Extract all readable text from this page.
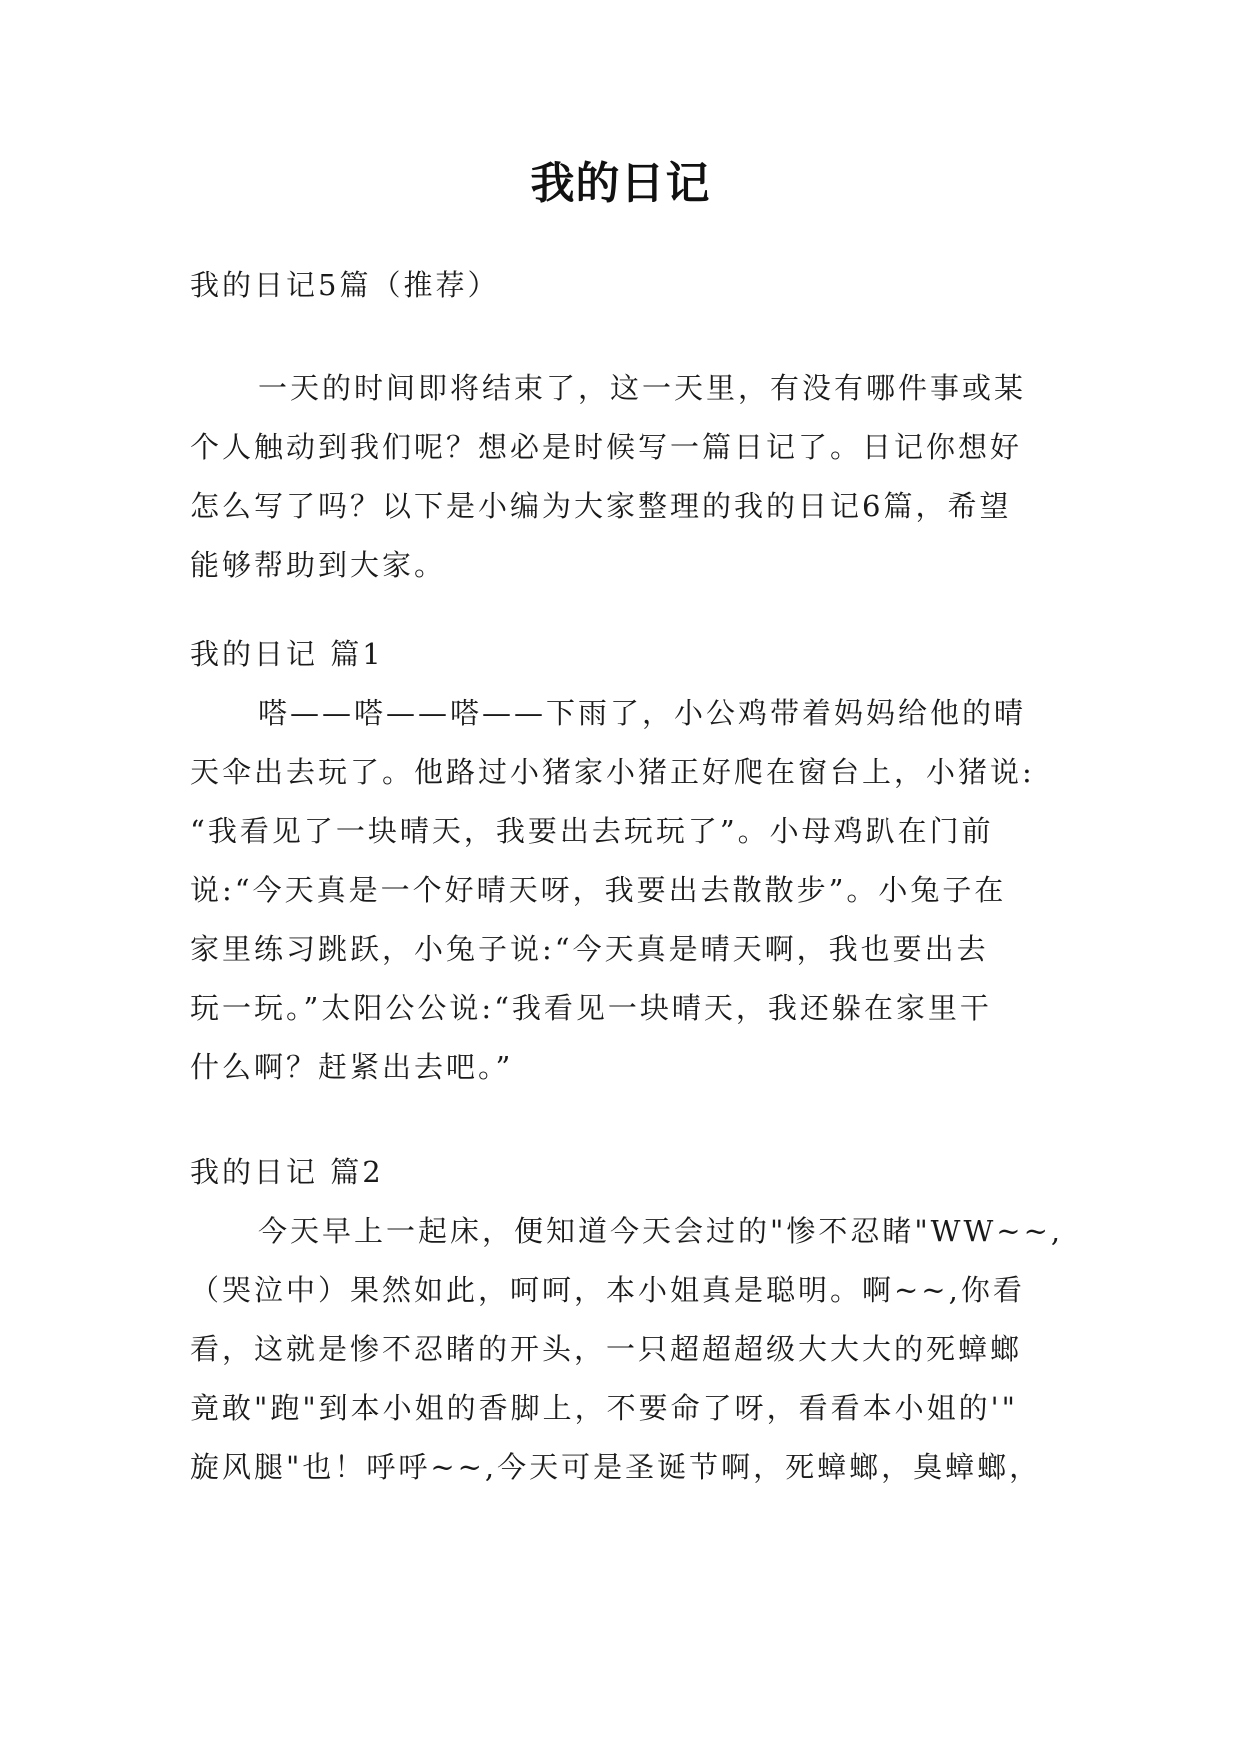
我的日记

我的日记5篇（推荐）

一天的时间即将结束了，这一天里，有没有哪件事或某
个人触动到我们呢？想必是时候写一篇日记了。日记你想好
怎么写了吗？以下是小编为大家整理的我的日记6篇，希望
能够帮助到大家。

我的日记 篇1
嗒——嗒——嗒——下雨了，小公鸡带着妈妈给他的晴
天伞出去玩了。他路过小猪家小猪正好爬在窗台上，小猪说:
“我看见了一块晴天，我要出去玩玩了”。小母鸡趴在门前
说:“今天真是一个好晴天呀，我要出去散散步”。小兔子在
家里练习跳跃，小兔子说:“今天真是晴天啊，我也要出去
玩一玩。”太阳公公说:“我看见一块晴天，我还躲在家里干
什么啊？赶紧出去吧。”

我的日记 篇2
今天早上一起床，便知道今天会过的"惨不忍睹"WW~~,
（哭泣中）果然如此，呵呵，本小姐真是聪明。啊~~,你看
看，这就是惨不忍睹的开头，一只超超超级大大大的死蟑螂
竟敢"跑"到本小姐的香脚上，不要命了呀，看看本小姐的'"
旋风腿"也！呼呼~~,今天可是圣诞节啊，死蟑螂，臭蟑螂，
